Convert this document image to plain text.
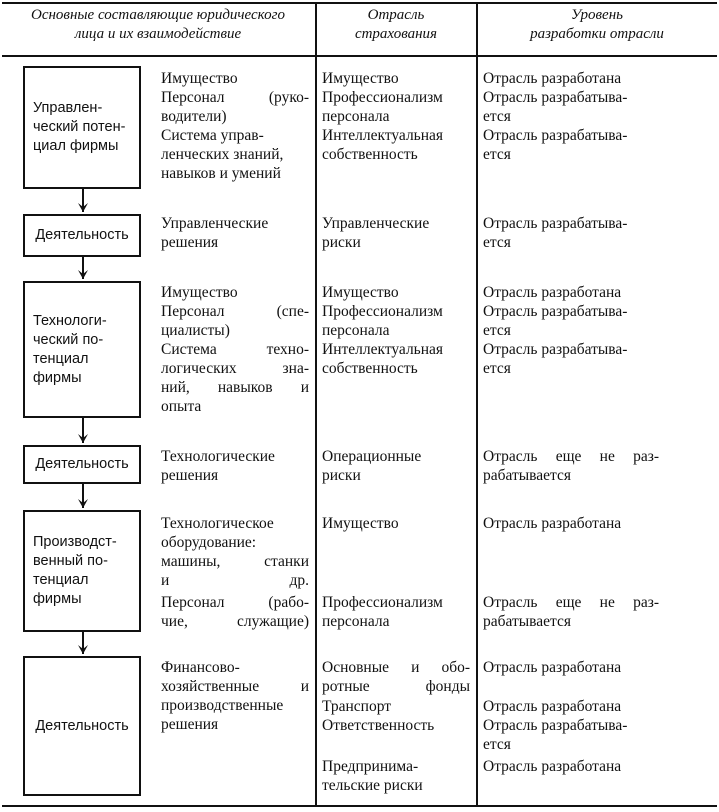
Основные составляющие юридического
лица и их взаимодействие
Отрасль
страхования
Уровень
разработки отрасли
Управлен-
ческий потен-
циал фирмы
Деятельность
Технологи-
ческий по-
тенциал
фирмы
Деятельность
Производст-
венный по-
тенциал
фирмы
Деятельность
Имущество
Персонал (руко-
водители)
Система управ-
ленческих знаний,
навыков и умений
Имущество
Профессионализм
персонала
Интеллектуальная
собственность
Отрасль разработана
Отрасль разрабатыва-
ется
Отрасль разрабатыва-
ется
Управленческие
решения
Управленческие
риски
Отрасль разрабатыва-
ется
Имущество
Персонал (спе-
циалисты)
Система техно-
логических зна-
ний, навыков и
опыта
Имущество
Профессионализм
персонала
Интеллектуальная
собственность
Отрасль разработана
Отрасль разрабатыва-
ется
Отрасль разрабатыва-
ется
Технологические
решения
Операционные
риски
Отрасль еще не раз-
рабатывается
Технологическое
оборудование:
машины, станки
и др.
Персонал (рабо-
чие, служащие)
Имущество
Профессионализм
персонала
Отрасль разработана
Отрасль еще не раз-
рабатывается
Финансово-
хозяйственные и
производственные
решения
Основные и обо-
ротные фонды
Транспорт
Ответственность
Предпринима-
тельские риски
Отрасль разработана
Отрасль разработана
Отрасль разрабатыва-
ется
Отрасль разработана
